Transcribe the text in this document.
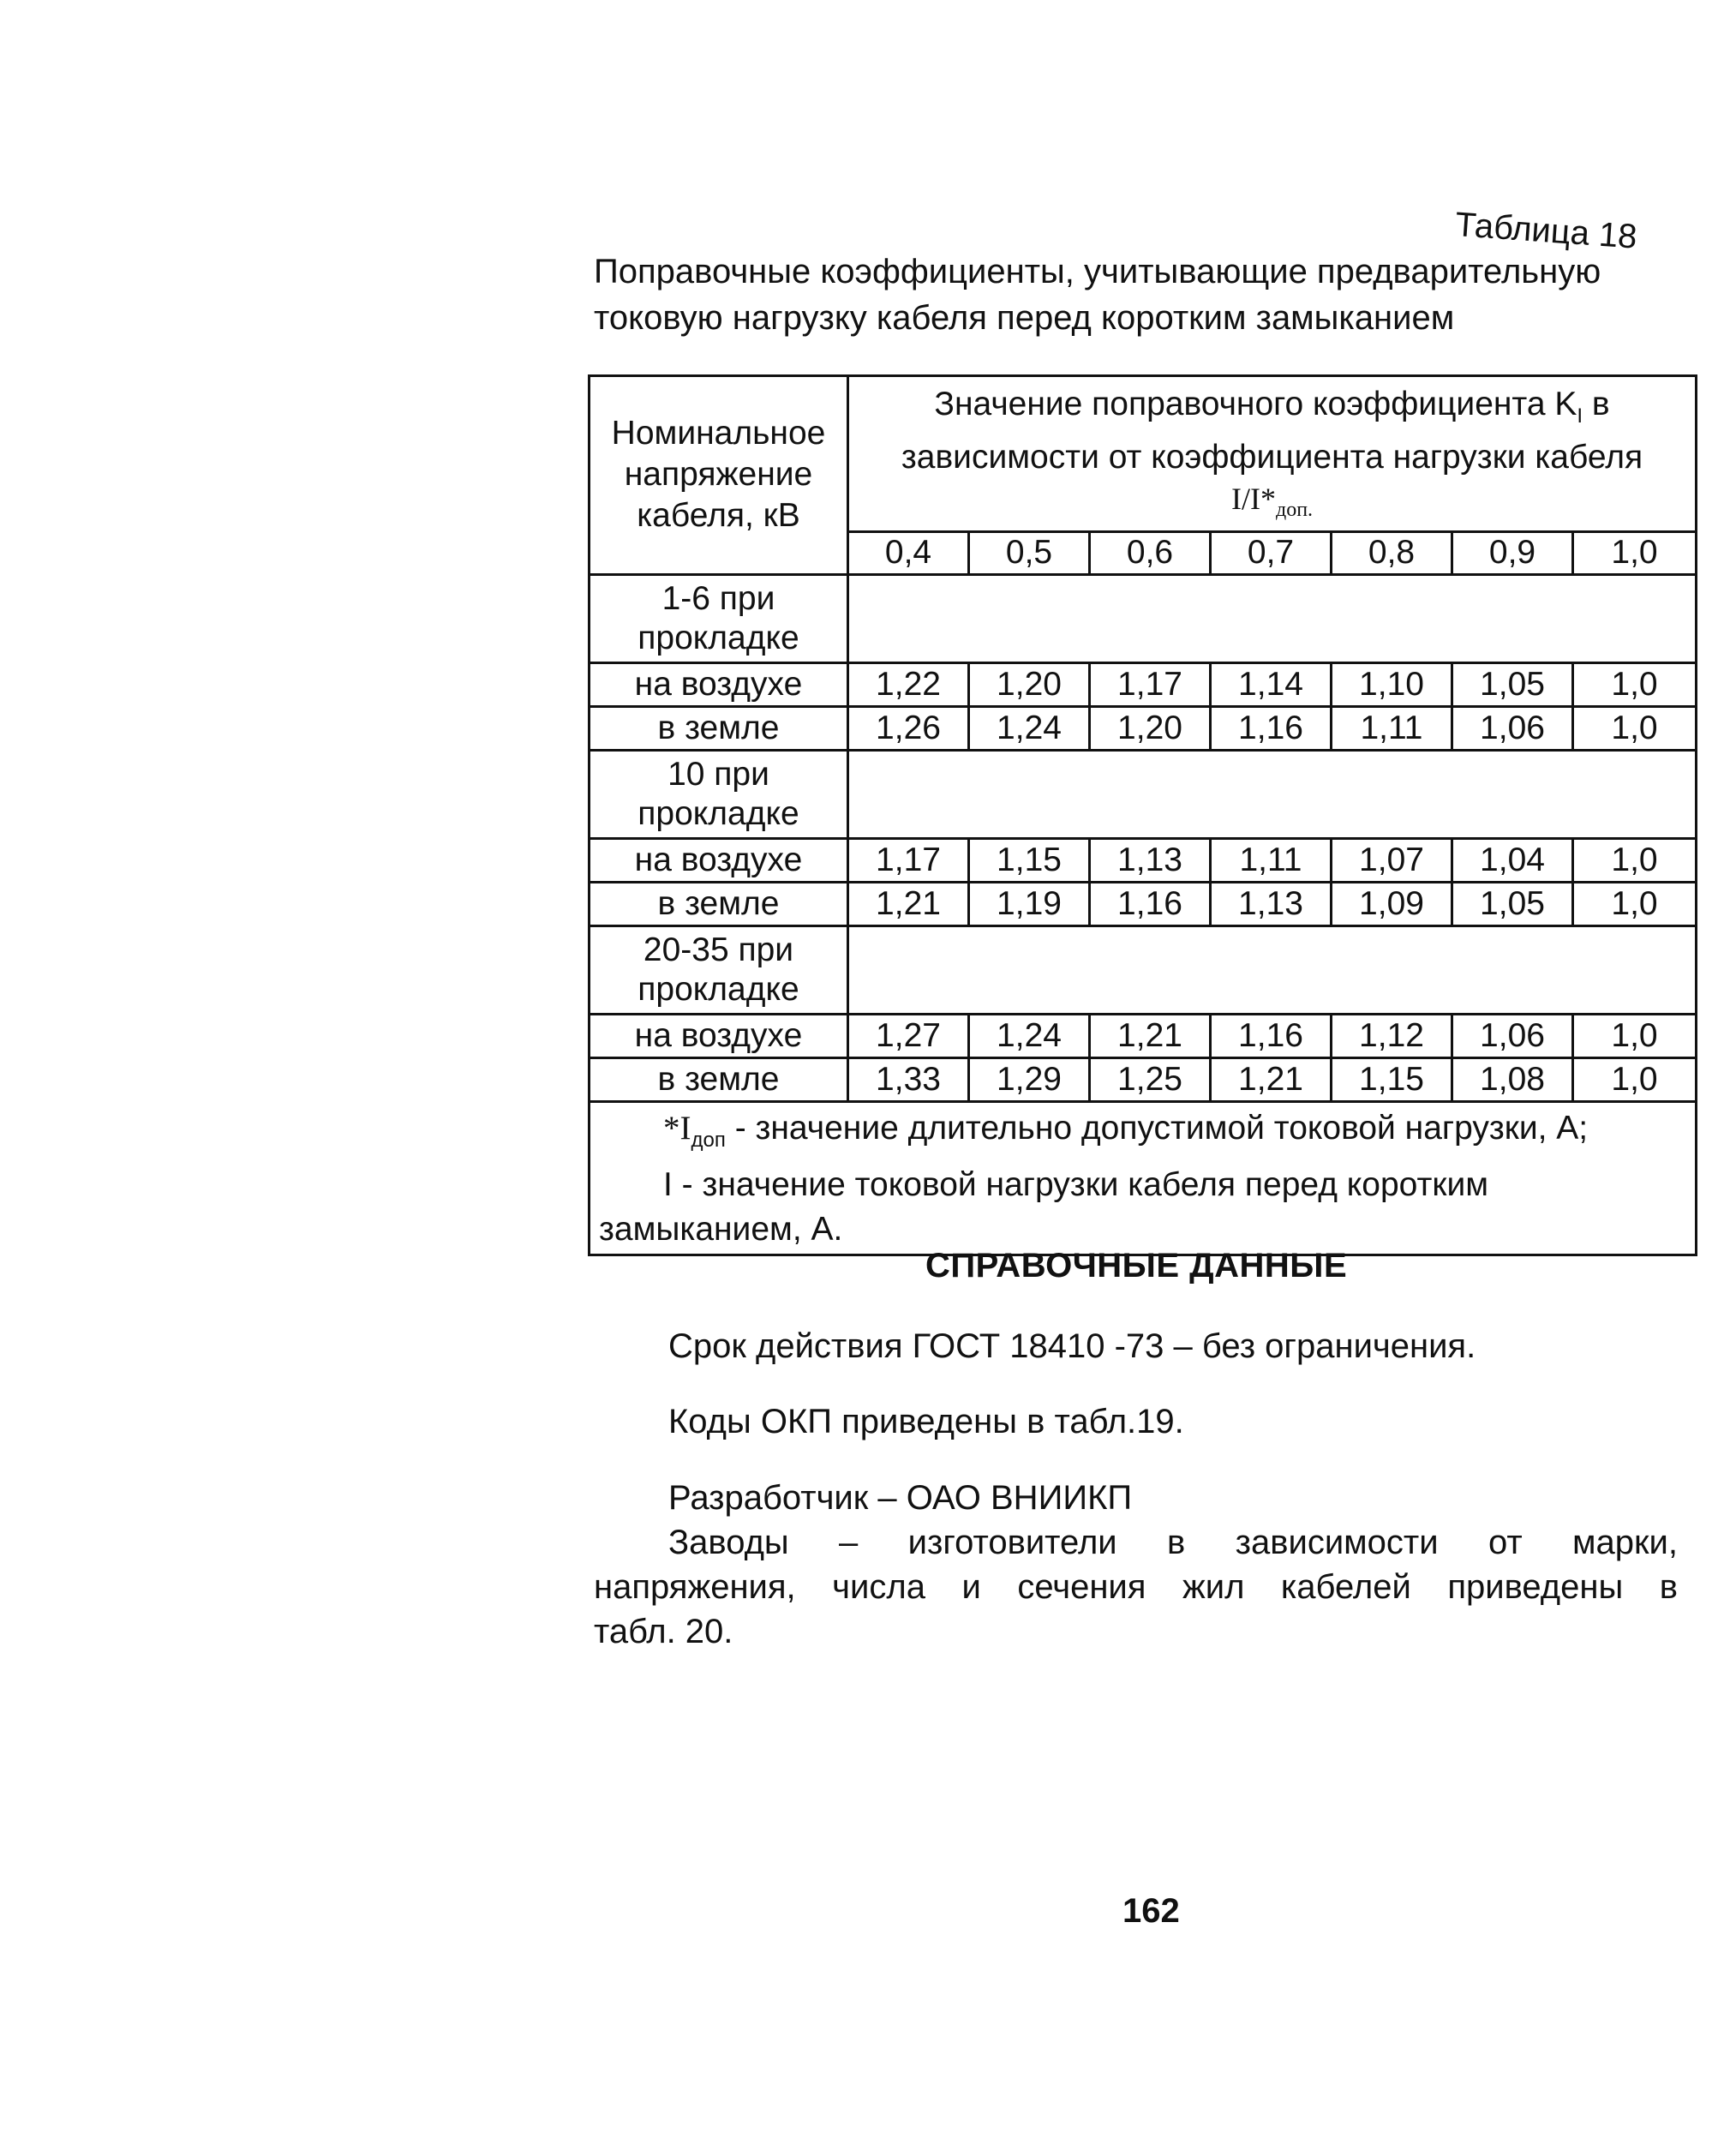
Таблица 18
Поправочные коэффициенты, учитывающие предварительную
токовую нагрузку кабеля перед коротким замыканием
Номинальное напряжение кабеля, кВ	Значение поправочного коэффициента $K_I$ в зависимости от коэффициента нагрузки кабеля
$I/I*_{доп.}$
	0,4	0,5	0,6	0,7	0,8	0,9	1,0
1-6 при прокладке							
на воздухе	1,22	1,20	1,17	1,14	1,10	1,05	1,0
в земле	1,26	1,24	1,20	1,16	1,11	1,06	1,0
10 при прокладке							
на воздухе	1,17	1,15	1,13	1,11	1,07	1,04	1,0
в земле	1,21	1,19	1,16	1,13	1,09	1,05	1,0
20-35 при прокладке							
на воздухе	1,27	1,24	1,21	1,16	1,12	1,06	1,0
в земле	1,33	1,29	1,25	1,21	1,15	1,08	1,0

$*I_{доп}$ - значение длительно допустимой токовой нагрузки, А;
I - значение токовой нагрузки кабеля перед коротким
замыканием, А.							
СПРАВОЧНЫЕ ДАННЫЕ
Срок действия ГОСТ 18410 -73 – без ограничения.
Коды ОКП приведены в табл.19.
Разработчик – ОАО ВНИИКП
Заводы – изготовители в зависимости от марки,
напряжения, числа и сечения жил кабелей приведены в
табл. 20.
162
